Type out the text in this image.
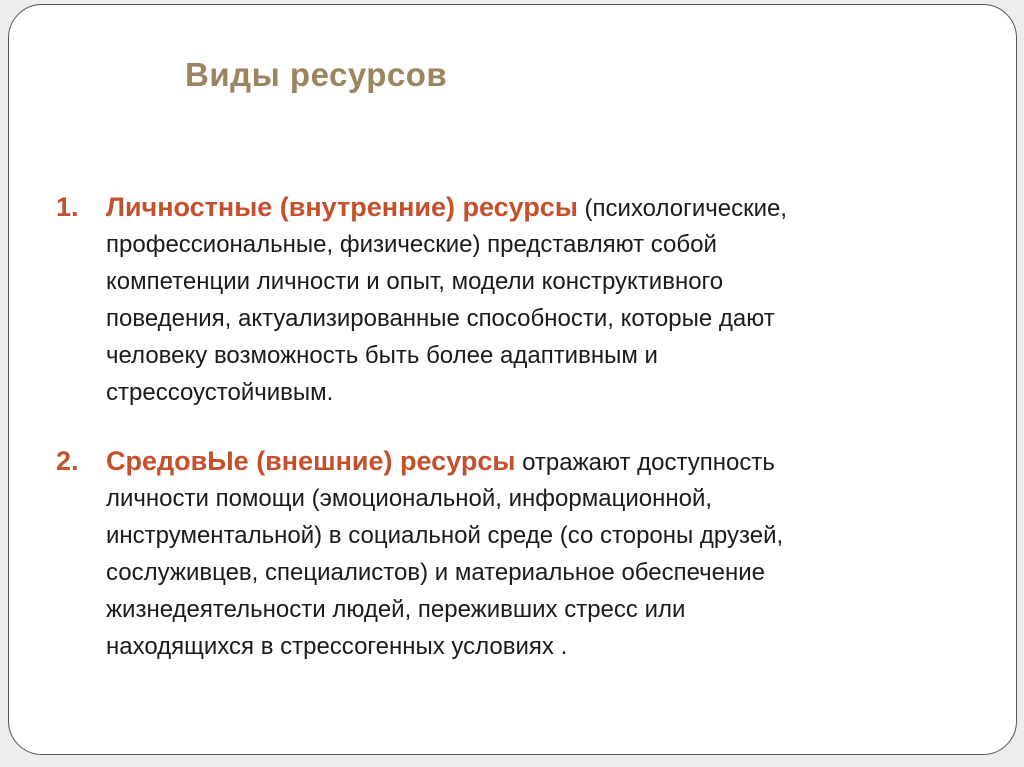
Виды ресурсов
1.	Личностные (внутренние) ресурсы (психологические,
профессиональные, физические) представляют собой
компетенции личности и опыт, модели конструктивного
поведения, актуализированные способности, которые дают
человеку возможность быть более адаптивным и
стрессоустойчивым.
2.	СредовЫе (внешние) ресурсы отражают доступность
личности помощи (эмоциональной, информационной,
инструментальной) в социальной среде (со стороны друзей,
сослуживцев, специалистов) и материальное обеспечение
жизнедеятельности людей, переживших стресс или
находящихся в стрессогенных условиях .
